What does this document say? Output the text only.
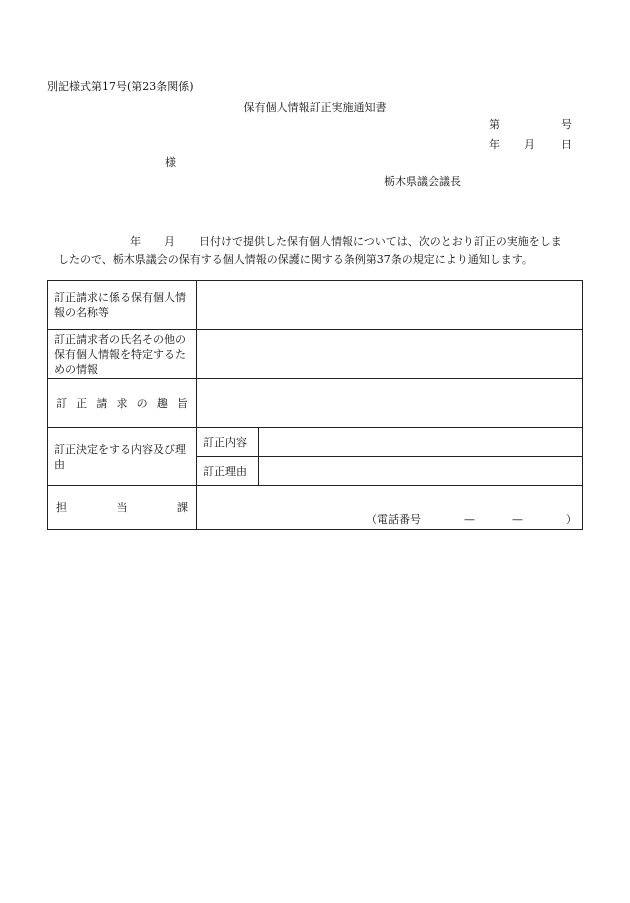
別記様式第17号(第23条関係)
保有個人情報訂正実施通知書
第	号
年 月 日
様
栃木県議会議長
年 月 日付けで提供した保有個人情報については、次のとおり訂正の実施をしま
したので、栃木県議会の保有する個人情報の保護に関する条例第37条の規定により通知します。
訂正請求に係る保有個人情報の名称等		
訂正請求者の氏名その他の保有個人情報を特定するための情報		
訂正請求の趣旨		
訂正決定をする内容及び理由	訂正内容	
	訂正理由	
担当課	（電話番号 — — ）	
